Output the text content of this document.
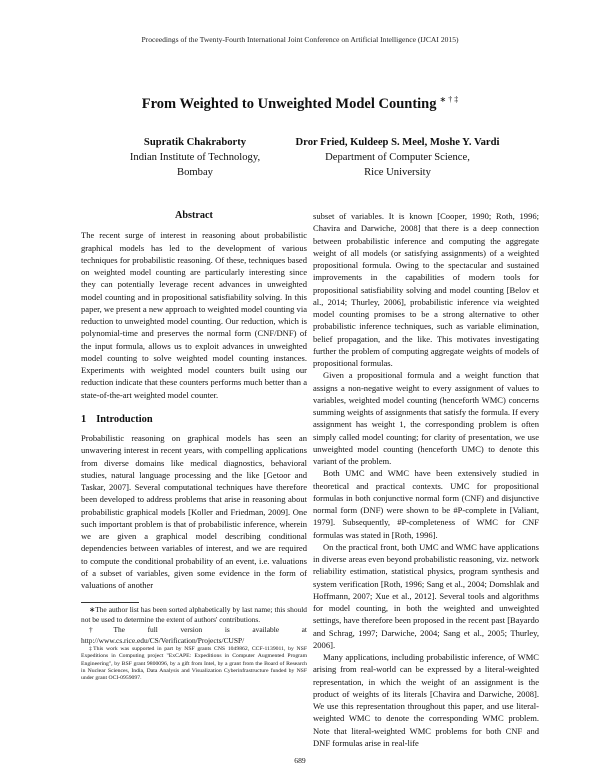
Proceedings of the Twenty-Fourth International Joint Conference on Artificial Intelligence (IJCAI 2015)
From Weighted to Unweighted Model Counting ∗ † ‡
Supratik Chakraborty
Indian Institute of Technology,
Bombay
Dror Fried, Kuldeep S. Meel, Moshe Y. Vardi
Department of Computer Science,
Rice University
Abstract

The recent surge of interest in reasoning about probabilistic graphical models has led to the development of various techniques for probabilistic reasoning. Of these, techniques based on weighted model counting are particularly interesting since they can potentially leverage recent advances in unweighted model counting and in propositional satisfiability solving. In this paper, we present a new approach to weighted model counting via reduction to unweighted model counting. Our reduction, which is polynomial-time and preserves the normal form (CNF/DNF) of the input formula, allows us to exploit advances in unweighted model counting to solve weighted model counting instances. Experiments with weighted model counters built using our reduction indicate that these counters performs much better than a state-of-the-art weighted model counter.

1 Introduction

Probabilistic reasoning on graphical models has seen an unwavering interest in recent years, with compelling applications from diverse domains like medical diagnostics, behavioral studies, natural language processing and the like [Getoor and Taskar, 2007]. Several computational techniques have therefore been developed to address problems that arise in reasoning about probabilistic graphical models [Koller and Friedman, 2009]. One such important problem is that of probabilistic inference, wherein we are given a graphical model describing conditional dependencies between variables of interest, and we are required to compute the conditional probability of an event, i.e. valuations of a subset of variables, given some evidence in the form of valuations of another

subset of variables. It is known [Cooper, 1990; Roth, 1996; Chavira and Darwiche, 2008] that there is a deep connection between probabilistic inference and computing the aggregate weight of all models (or satisfying assignments) of a weighted propositional formula. Owing to the spectacular and sustained improvements in the capabilities of modern tools for propositional satisfiability solving and model counting [Belov et al., 2014; Thurley, 2006], probabilistic inference via weighted model counting promises to be a strong alternative to other probabilistic inference techniques, such as variable elimination, belief propagation, and the like. This motivates investigating further the problem of computing aggregate weights of models of propositional formulas.

Given a propositional formula and a weight function that assigns a non-negative weight to every assignment of values to variables, weighted model counting (henceforth WMC) concerns summing weights of assignments that satisfy the formula. If every assignment has weight 1, the corresponding problem is often simply called model counting; for clarity of presentation, we use unweighted model counting (henceforth UMC) to denote this variant of the problem.

Both UMC and WMC have been extensively studied in theoretical and practical contexts. UMC for propositional formulas in both conjunctive normal form (CNF) and disjunctive normal form (DNF) were shown to be #P-complete in [Valiant, 1979]. Subsequently, #P-completeness of WMC for CNF formulas was stated in [Roth, 1996].

On the practical front, both UMC and WMC have applications in diverse areas even beyond probabilistic reasoning, viz. network reliability estimation, statistical physics, program synthesis and system verification [Roth, 1996; Sang et al., 2004; Domshlak and Hoffmann, 2007; Xue et al., 2012]. Several tools and algorithms for model counting, in both the weighted and unweighted settings, have therefore been proposed in the recent past [Bayardo and Schrag, 1997; Darwiche, 2004; Sang et al., 2005; Thurley, 2006].

Many applications, including probabilistic inference, of WMC arising from real-world can be expressed by a literal-weighted representation, in which the weight of an assignment is the product of weights of its literals [Chavira and Darwiche, 2008]. We use this representation throughout this paper, and use literal-weighted WMC to denote the corresponding WMC problem. Note that literal-weighted WMC problems for both CNF and DNF formulas arise in real-life

∗The author list has been sorted alphabetically by last name; this should not be used to determine the extent of authors' contributions.

†The full version is available at http://www.cs.rice.edu/CS/Verification/Projects/CUSP/

‡This work was supported in part by NSF grants CNS 1049862, CCF-1139011, by NSF Expeditions in Computing project "ExCAPE: Expeditions in Computer Augmented Program Engineering", by BSF grant 9800096, by a gift from Intel, by a grant from the Board of Research in Nuclear Sciences, India, Data Analysis and Visualization Cyberinfrastructure funded by NSF under grant OCI-0959097.

689
